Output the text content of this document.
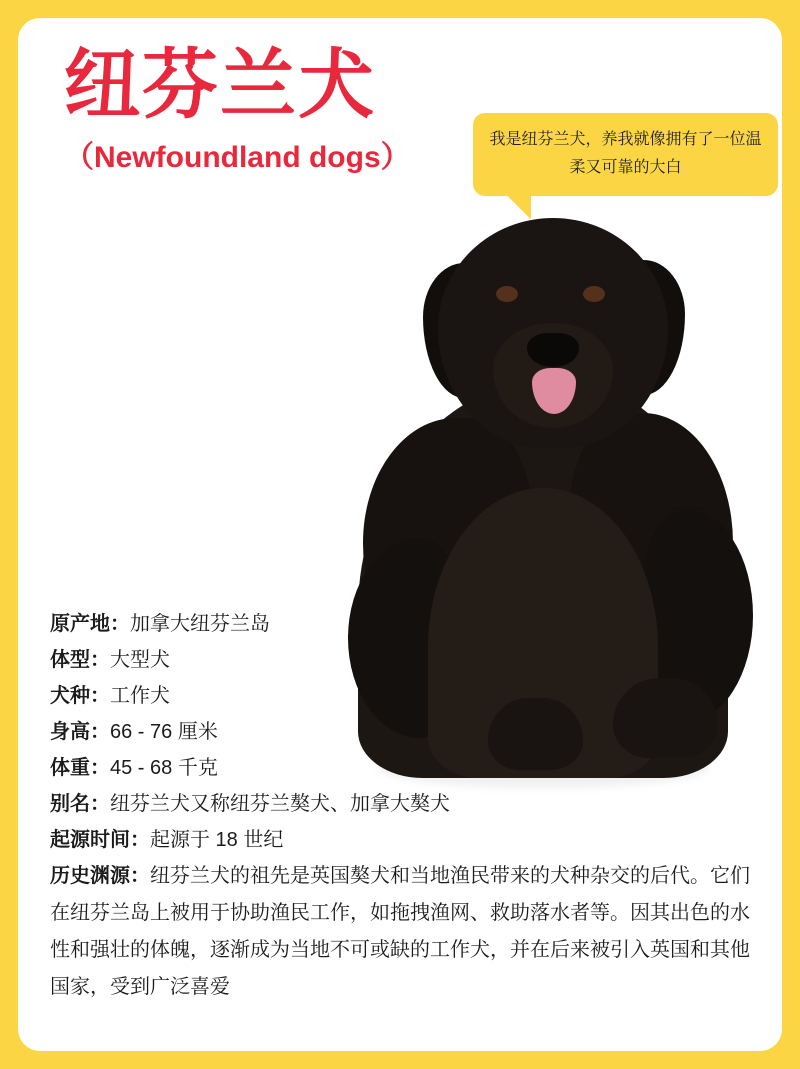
纽芬兰犬
（Newfoundland dogs）
我是纽芬兰犬，养我就像拥有了一位温柔又可靠的大白
原产地：加拿大纽芬兰岛
体型：大型犬
犬种：工作犬
身高：66 - 76 厘米
体重：45 - 68 千克
别名：纽芬兰犬又称纽芬兰獒犬、加拿大獒犬
起源时间：起源于 18 世纪
历史渊源：纽芬兰犬的祖先是英国獒犬和当地渔民带来的犬种杂交的后代。它们在纽芬兰岛上被用于协助渔民工作，如拖拽渔网、救助落水者等。因其出色的水性和强壮的体魄，逐渐成为当地不可或缺的工作犬，并在后来被引入英国和其他国家，受到广泛喜爱
